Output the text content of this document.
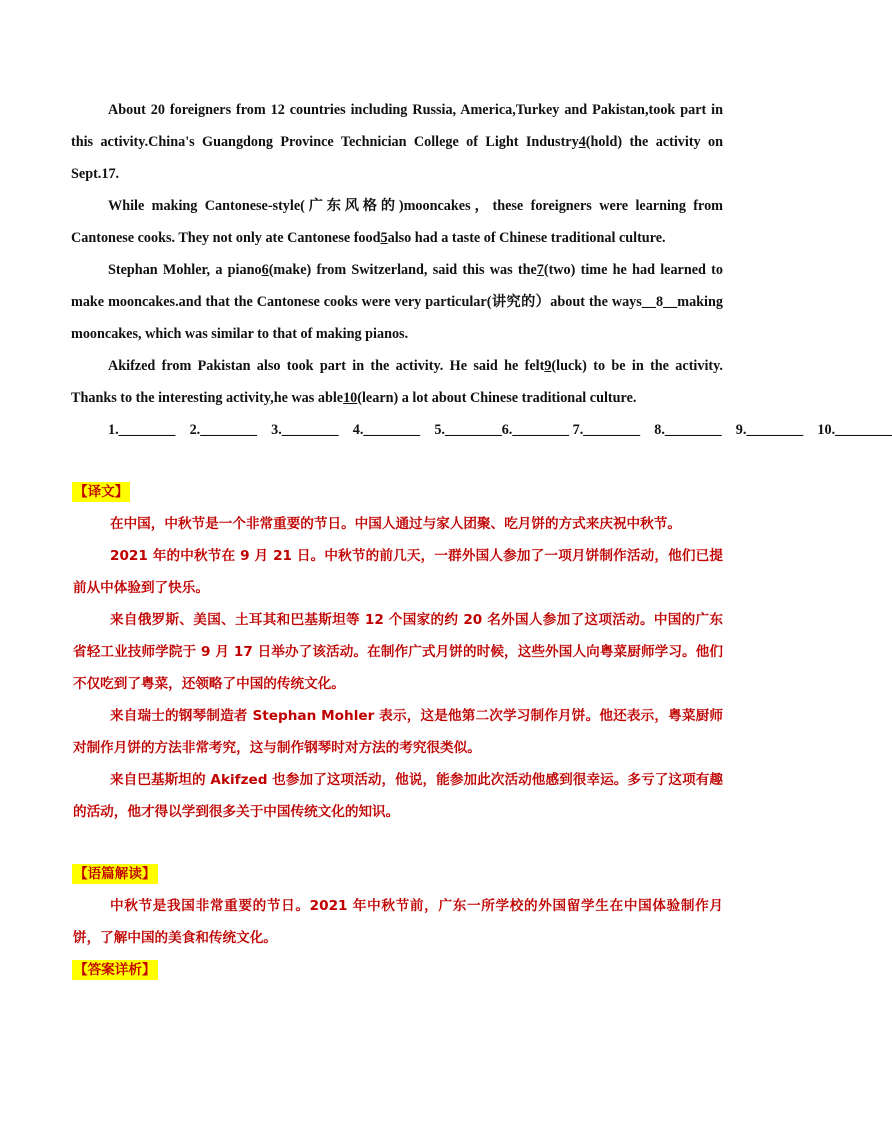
About 20 foreigners from 12 countries including Russia, America,Turkey and Pakistan,took part in this activity.China's Guangdong Province Technician College of Light Industry4(hold) the activity on Sept.17.

While making Cantonese-style(广东风格的)mooncakes，these foreigners were learning from Cantonese cooks. They not only ate Cantonese food5also had a taste of Chinese traditional culture.

Stephan Mohler, a piano6(make) from Switzerland, said this was the7(two) time he had learned to make mooncakes.and that the Cantonese cooks were very particular(讲究的）about the ways__8__making mooncakes, which was similar to that of making pianos.

Akifzed from Pakistan also took part in the activity. He said he felt9(luck) to be in the activity. Thanks to the interesting activity,he was able10(learn) a lot about Chinese traditional culture.

1.________    2.________    3.________    4.________    5.________6.________ 7.________    8.________    9.________    10.________

【译文】

在中国，中秋节是一个非常重要的节日。中国人通过与家人团聚、吃月饼的方式来庆祝中秋节。

2021 年的中秋节在 9 月 21 日。中秋节的前几天，一群外国人参加了一项月饼制作活动，他们已提前从中体验到了快乐。

来自俄罗斯、美国、土耳其和巴基斯坦等 12 个国家的约 20 名外国人参加了这项活动。中国的广东省轻工业技师学院于 9 月 17 日举办了该活动。在制作广式月饼的时候，这些外国人向粤菜厨师学习。他们不仅吃到了粤菜，还领略了中国的传统文化。

来自瑞士的钢琴制造者 Stephan Mohler 表示，这是他第二次学习制作月饼。他还表示，粤菜厨师对制作月饼的方法非常考究，这与制作钢琴时对方法的考究很类似。

来自巴基斯坦的 Akifzed 也参加了这项活动，他说，能参加此次活动他感到很幸运。多亏了这项有趣的活动，他才得以学到很多关于中国传统文化的知识。

【语篇解读】

中秋节是我国非常重要的节日。2021 年中秋节前，广东一所学校的外国留学生在中国体验制作月饼，了解中国的美食和传统文化。

【答案详析】
